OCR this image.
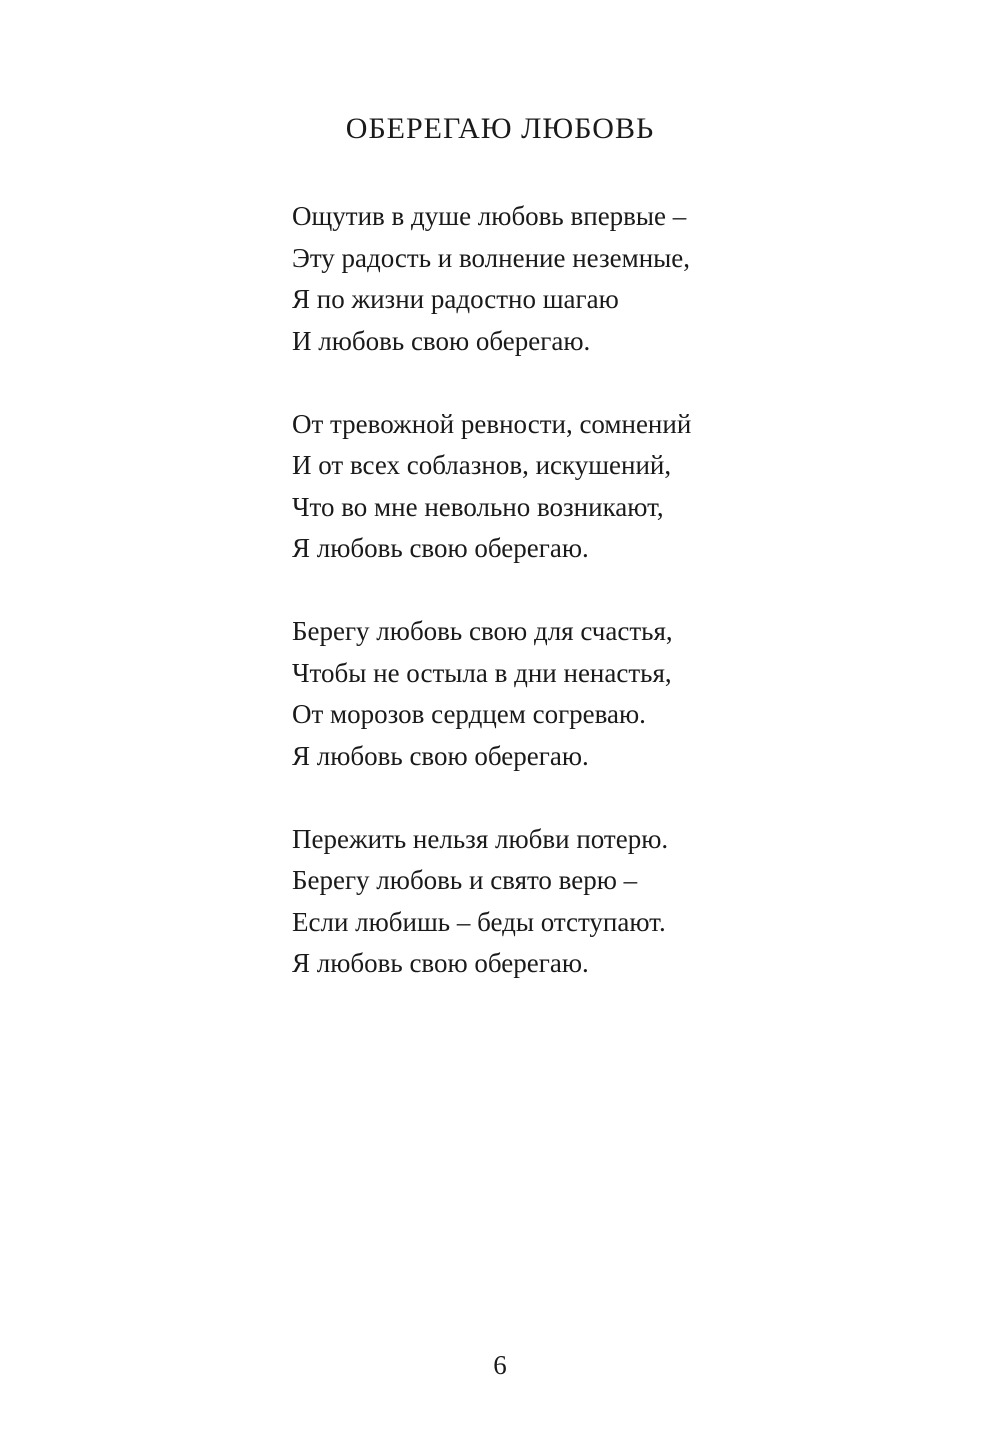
ОБЕРЕГАЮ ЛЮБОВЬ
Ощутив в душе любовь впервые –
Эту радость и волнение неземные,
Я по жизни радостно шагаю
И любовь свою оберегаю.
От тревожной ревности, сомнений
И от всех соблазнов, искушений,
Что во мне невольно возникают,
Я любовь свою оберегаю.
Берегу любовь свою для счастья,
Чтобы не остыла в дни ненастья,
От морозов сердцем согреваю.
Я любовь свою оберегаю.
Пережить нельзя любви потерю.
Берегу любовь и свято верю –
Если любишь – беды отступают.
Я любовь свою оберегаю.
6
